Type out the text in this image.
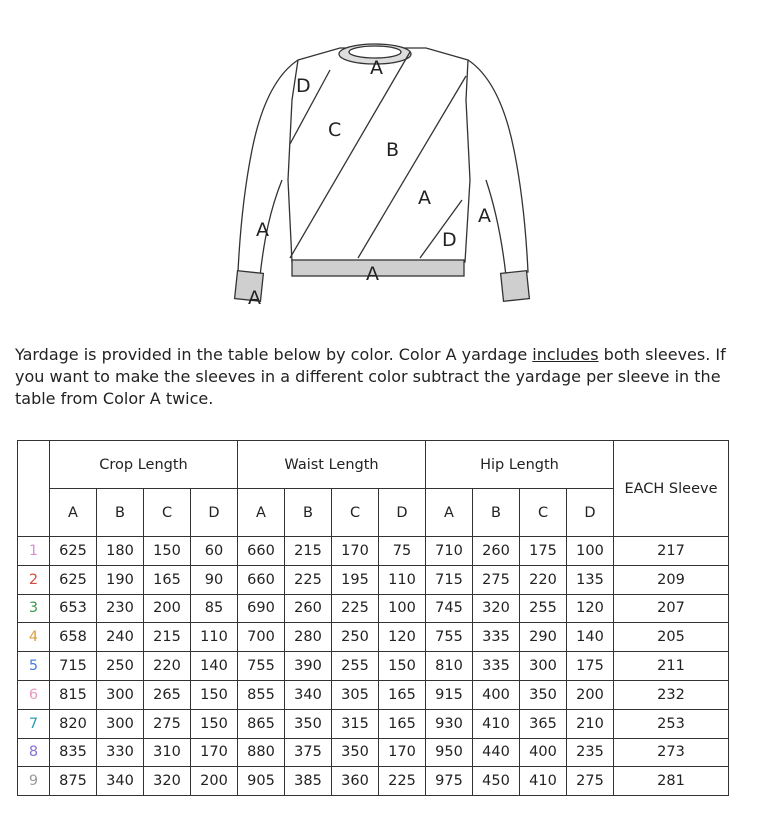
D
C
B
A
D
A
A
A
A
A

Yardage is provided in the table below by color. Color A yardage includes both sleeves. If you want to make the sleeves in a different color subtract the yardage per sleeve in the table from Color A twice.

	Crop Length				Waist Length				Hip Length				EACH Sleeve
	A	B	C	D	A	B	C	D	A	B	C	D	
1	625	180	150	60	660	215	170	75	710	260	175	100	217
2	625	190	165	90	660	225	195	110	715	275	220	135	209
3	653	230	200	85	690	260	225	100	745	320	255	120	207
4	658	240	215	110	700	280	250	120	755	335	290	140	205
5	715	250	220	140	755	390	255	150	810	335	300	175	211
6	815	300	265	150	855	340	305	165	915	400	350	200	232
7	820	300	275	150	865	350	315	165	930	410	365	210	253
8	835	330	310	170	880	375	350	170	950	440	400	235	273
9	875	340	320	200	905	385	360	225	975	450	410	275	281
